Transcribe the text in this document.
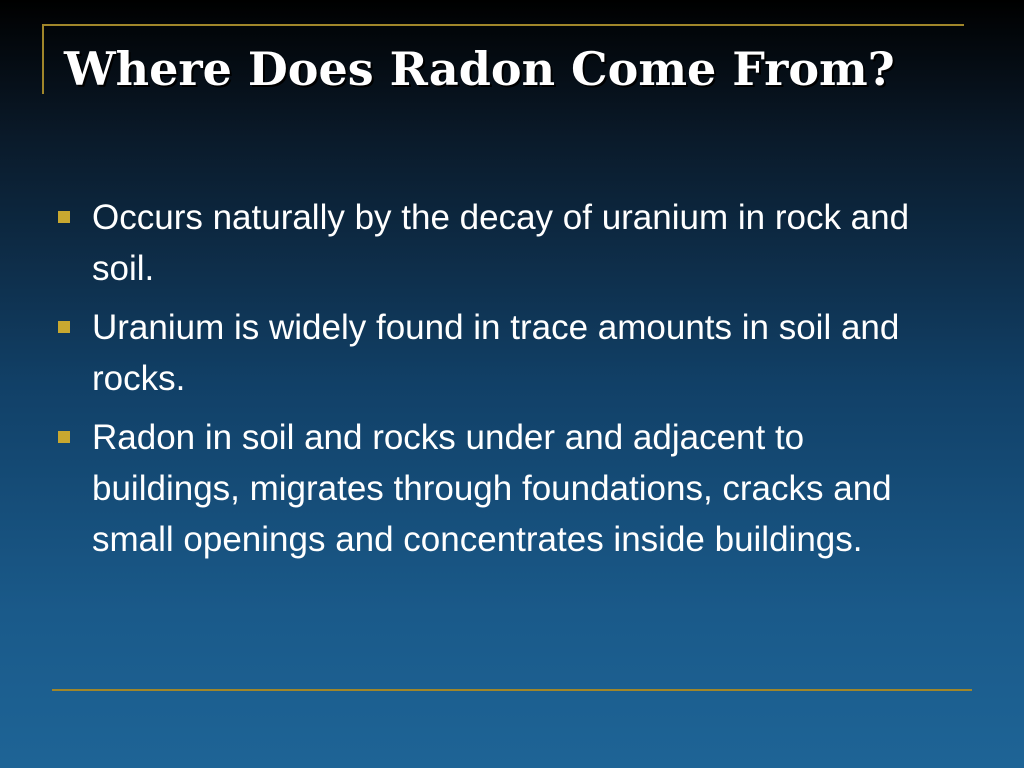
Where Does Radon Come From?
Occurs naturally by the decay of uranium in rock and soil.
Uranium is widely found in trace amounts in soil and rocks.
Radon in soil and rocks under and adjacent to buildings, migrates through foundations, cracks and small openings and concentrates inside buildings.
